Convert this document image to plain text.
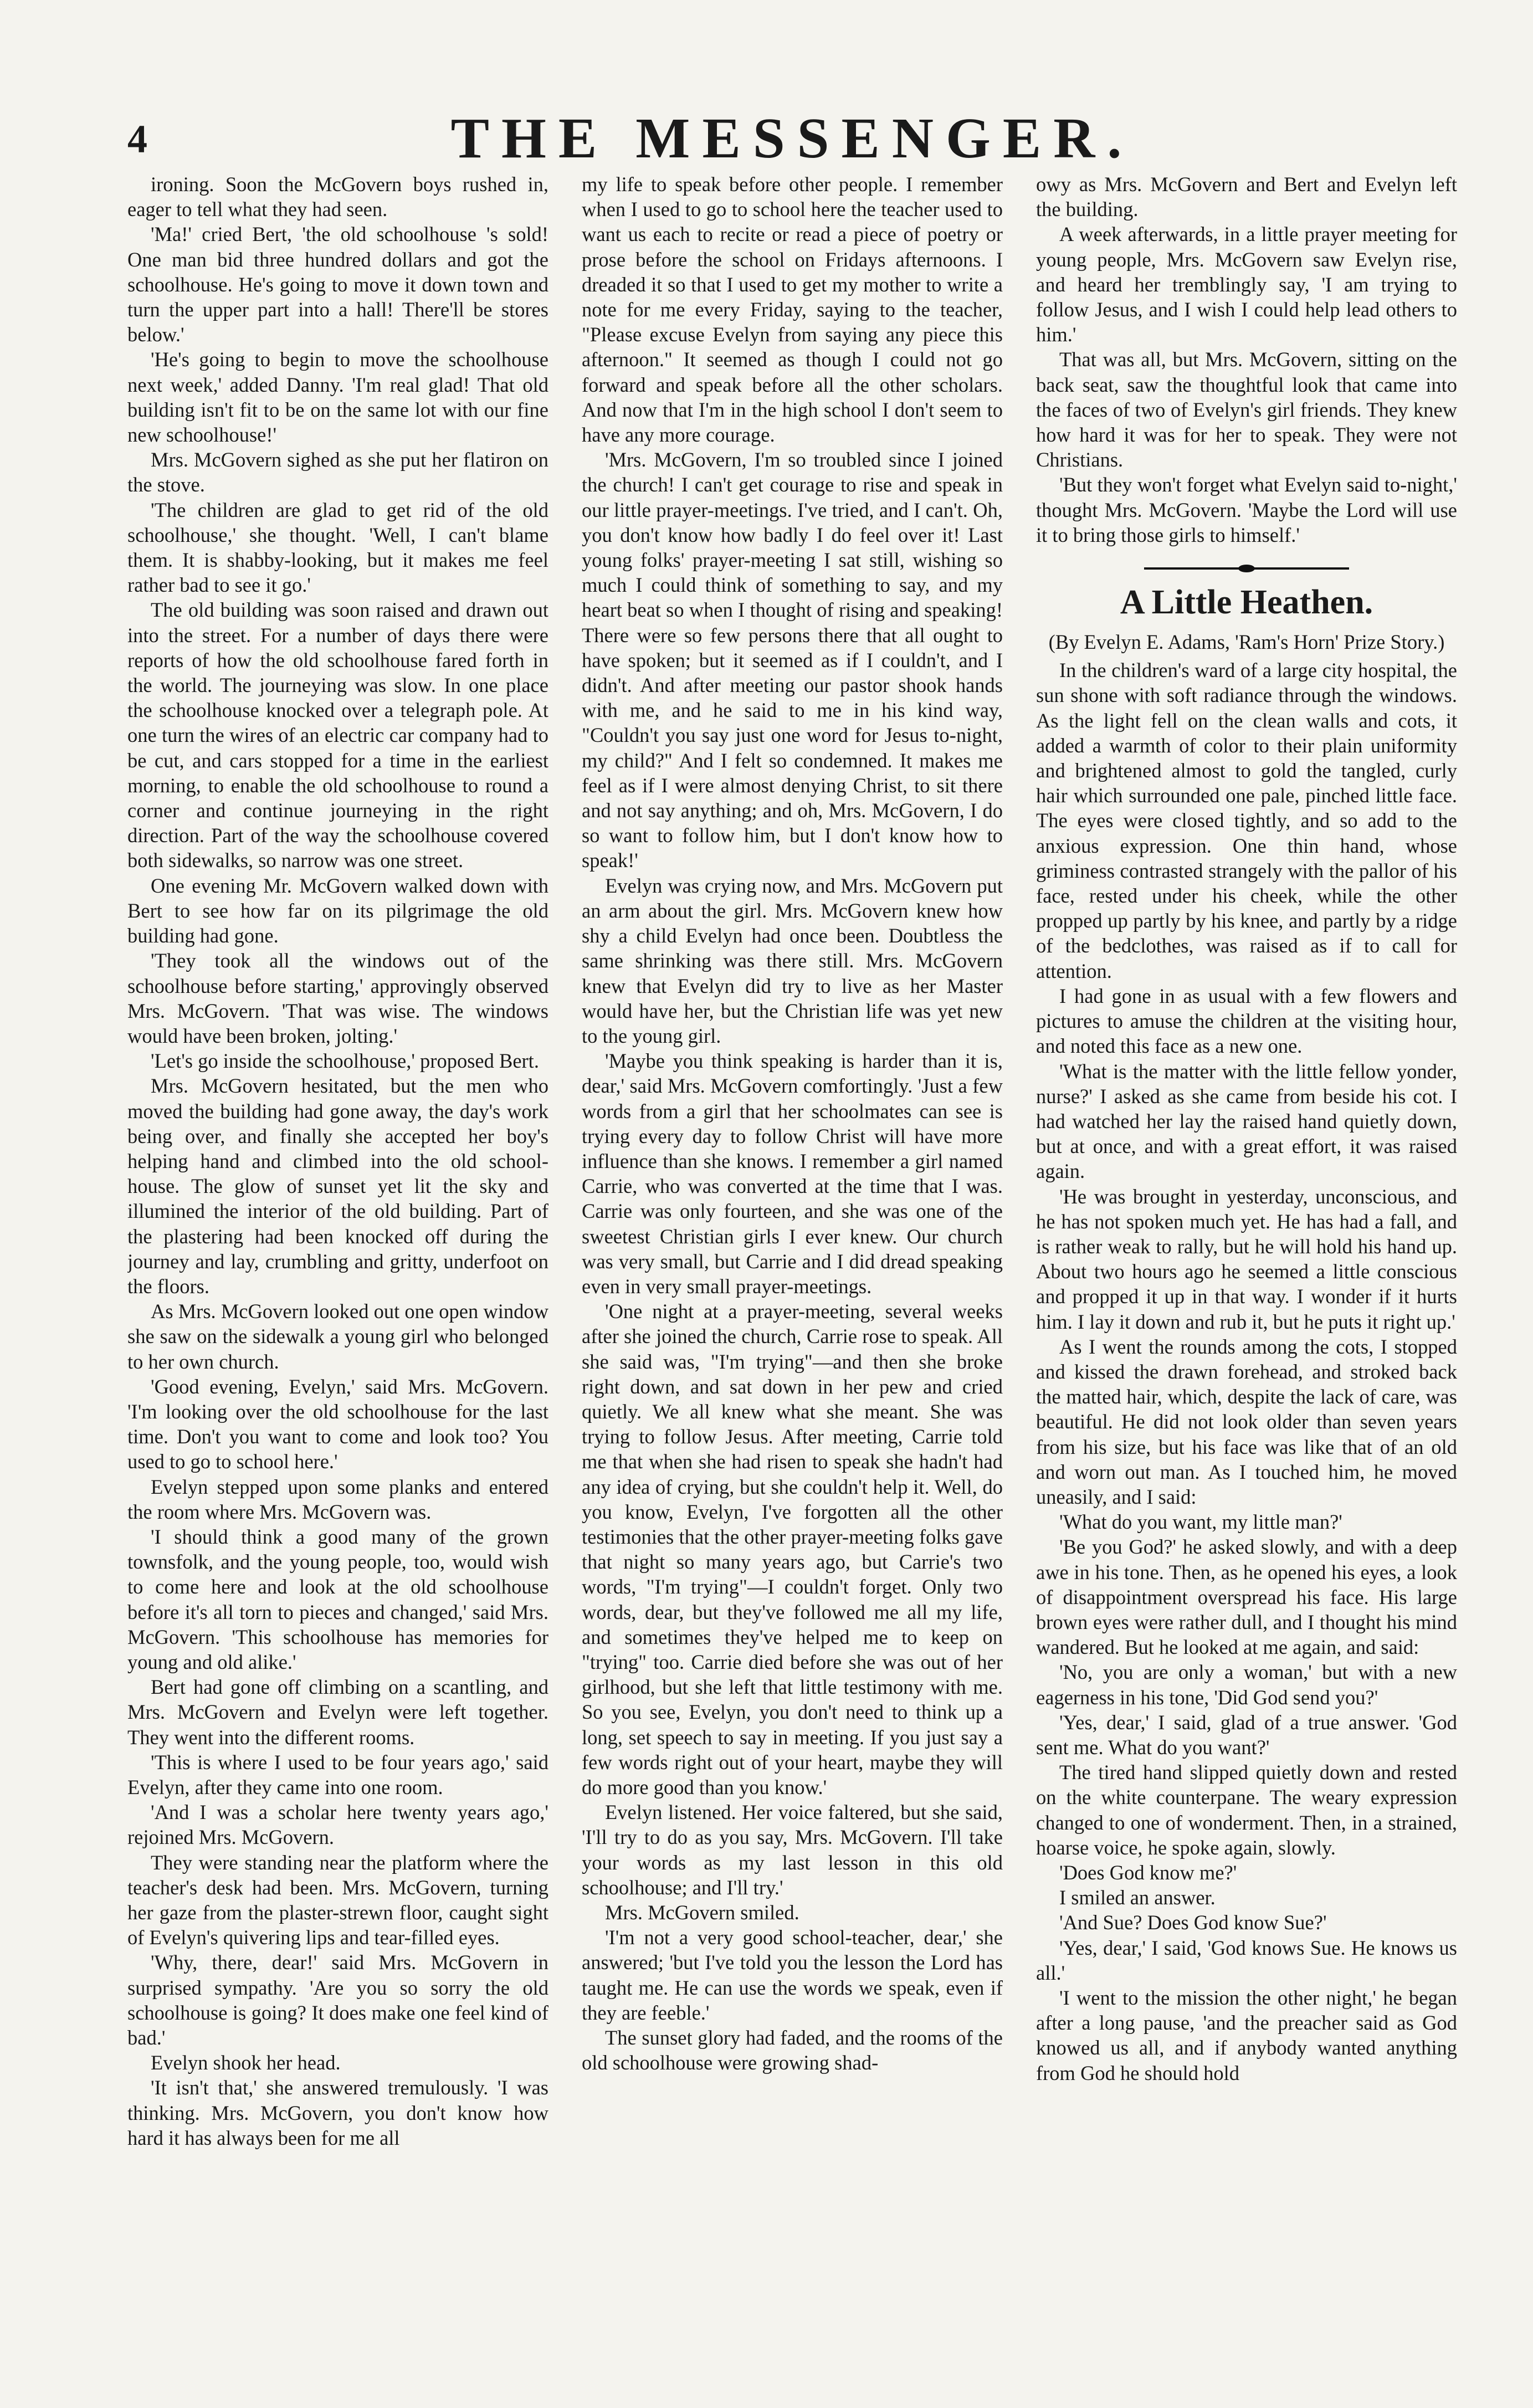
4	THE MESSENGER.

ironing. Soon the McGovern boys rushed in, eager to tell what they had seen.

'Ma!' cried Bert, 'the old schoolhouse 's sold! One man bid three hundred dollars and got the schoolhouse. He's going to move it down town and turn the upper part into a hall! There'll be stores below.'

'He's going to begin to move the schoolhouse next week,' added Danny. 'I'm real glad! That old building isn't fit to be on the same lot with our fine new schoolhouse!'

Mrs. McGovern sighed as she put her flatiron on the stove.

'The children are glad to get rid of the old schoolhouse,' she thought. 'Well, I can't blame them. It is shabby-looking, but it makes me feel rather bad to see it go.'

The old building was soon raised and drawn out into the street. For a number of days there were reports of how the old schoolhouse fared forth in the world. The journeying was slow. In one place the schoolhouse knocked over a telegraph pole. At one turn the wires of an electric car company had to be cut, and cars stopped for a time in the earliest morning, to enable the old schoolhouse to round a corner and continue journeying in the right direction. Part of the way the schoolhouse covered both sidewalks, so narrow was one street.

One evening Mr. McGovern walked down with Bert to see how far on its pilgrimage the old building had gone.

'They took all the windows out of the schoolhouse before starting,' approvingly observed Mrs. McGovern. 'That was wise. The windows would have been broken, jolting.'

'Let's go inside the schoolhouse,' proposed Bert.

Mrs. McGovern hesitated, but the men who moved the building had gone away, the day's work being over, and finally she accepted her boy's helping hand and climbed into the old school-house. The glow of sunset yet lit the sky and illumined the interior of the old building. Part of the plastering had been knocked off during the journey and lay, crumbling and gritty, underfoot on the floors.

As Mrs. McGovern looked out one open window she saw on the sidewalk a young girl who belonged to her own church.

'Good evening, Evelyn,' said Mrs. McGovern. 'I'm looking over the old schoolhouse for the last time. Don't you want to come and look too? You used to go to school here.'

Evelyn stepped upon some planks and entered the room where Mrs. McGovern was.

'I should think a good many of the grown townsfolk, and the young people, too, would wish to come here and look at the old schoolhouse before it's all torn to pieces and changed,' said Mrs. McGovern. 'This schoolhouse has memories for young and old alike.'

Bert had gone off climbing on a scantling, and Mrs. McGovern and Evelyn were left together. They went into the different rooms.

'This is where I used to be four years ago,' said Evelyn, after they came into one room.

'And I was a scholar here twenty years ago,' rejoined Mrs. McGovern.

They were standing near the platform where the teacher's desk had been. Mrs. McGovern, turning her gaze from the plaster-strewn floor, caught sight of Evelyn's quivering lips and tear-filled eyes.

'Why, there, dear!' said Mrs. McGovern in surprised sympathy. 'Are you so sorry the old schoolhouse is going? It does make one feel kind of bad.'

Evelyn shook her head.

'It isn't that,' she answered tremulously. 'I was thinking. Mrs. McGovern, you don't know how hard it has always been for me all

my life to speak before other people. I remember when I used to go to school here the teacher used to want us each to recite or read a piece of poetry or prose before the school on Fridays afternoons. I dreaded it so that I used to get my mother to write a note for me every Friday, saying to the teacher, "Please excuse Evelyn from saying any piece this afternoon." It seemed as though I could not go forward and speak before all the other scholars. And now that I'm in the high school I don't seem to have any more courage.

'Mrs. McGovern, I'm so troubled since I joined the church! I can't get courage to rise and speak in our little prayer-meetings. I've tried, and I can't. Oh, you don't know how badly I do feel over it! Last young folks' prayer-meeting I sat still, wishing so much I could think of something to say, and my heart beat so when I thought of rising and speaking! There were so few persons there that all ought to have spoken; but it seemed as if I couldn't, and I didn't. And after meeting our pastor shook hands with me, and he said to me in his kind way, "Couldn't you say just one word for Jesus to-night, my child?" And I felt so condemned. It makes me feel as if I were almost denying Christ, to sit there and not say anything; and oh, Mrs. McGovern, I do so want to follow him, but I don't know how to speak!'

Evelyn was crying now, and Mrs. McGovern put an arm about the girl. Mrs. McGovern knew how shy a child Evelyn had once been. Doubtless the same shrinking was there still. Mrs. McGovern knew that Evelyn did try to live as her Master would have her, but the Christian life was yet new to the young girl.

'Maybe you think speaking is harder than it is, dear,' said Mrs. McGovern comfortingly. 'Just a few words from a girl that her schoolmates can see is trying every day to follow Christ will have more influence than she knows. I remember a girl named Carrie, who was converted at the time that I was. Carrie was only fourteen, and she was one of the sweetest Christian girls I ever knew. Our church was very small, but Carrie and I did dread speaking even in very small prayer-meetings.

'One night at a prayer-meeting, several weeks after she joined the church, Carrie rose to speak. All she said was, "I'm trying"—and then she broke right down, and sat down in her pew and cried quietly. We all knew what she meant. She was trying to follow Jesus. After meeting, Carrie told me that when she had risen to speak she hadn't had any idea of crying, but she couldn't help it. Well, do you know, Evelyn, I've forgotten all the other testimonies that the other prayer-meeting folks gave that night so many years ago, but Carrie's two words, "I'm trying"—I couldn't forget. Only two words, dear, but they've followed me all my life, and sometimes they've helped me to keep on "trying" too. Carrie died before she was out of her girlhood, but she left that little testimony with me. So you see, Evelyn, you don't need to think up a long, set speech to say in meeting. If you just say a few words right out of your heart, maybe they will do more good than you know.'

Evelyn listened. Her voice faltered, but she said, 'I'll try to do as you say, Mrs. McGovern. I'll take your words as my last lesson in this old schoolhouse; and I'll try.'

Mrs. McGovern smiled.

'I'm not a very good school-teacher, dear,' she answered; 'but I've told you the lesson the Lord has taught me. He can use the words we speak, even if they are feeble.'

The sunset glory had faded, and the rooms of the old schoolhouse were growing shad-

owy as Mrs. McGovern and Bert and Evelyn left the building.

A week afterwards, in a little prayer meeting for young people, Mrs. McGovern saw Evelyn rise, and heard her tremblingly say, 'I am trying to follow Jesus, and I wish I could help lead others to him.'

That was all, but Mrs. McGovern, sitting on the back seat, saw the thoughtful look that came into the faces of two of Evelyn's girl friends. They knew how hard it was for her to speak. They were not Christians.

'But they won't forget what Evelyn said to-night,' thought Mrs. McGovern. 'Maybe the Lord will use it to bring those girls to himself.'

A Little Heathen.
(By Evelyn E. Adams, 'Ram's Horn' Prize Story.)

In the children's ward of a large city hospital, the sun shone with soft radiance through the windows. As the light fell on the clean walls and cots, it added a warmth of color to their plain uniformity and brightened almost to gold the tangled, curly hair which surrounded one pale, pinched little face. The eyes were closed tightly, and so add to the anxious expression. One thin hand, whose griminess contrasted strangely with the pallor of his face, rested under his cheek, while the other propped up partly by his knee, and partly by a ridge of the bedclothes, was raised as if to call for attention.

I had gone in as usual with a few flowers and pictures to amuse the children at the visiting hour, and noted this face as a new one.

'What is the matter with the little fellow yonder, nurse?' I asked as she came from beside his cot. I had watched her lay the raised hand quietly down, but at once, and with a great effort, it was raised again.

'He was brought in yesterday, unconscious, and he has not spoken much yet. He has had a fall, and is rather weak to rally, but he will hold his hand up. About two hours ago he seemed a little conscious and propped it up in that way. I wonder if it hurts him. I lay it down and rub it, but he puts it right up.'

As I went the rounds among the cots, I stopped and kissed the drawn forehead, and stroked back the matted hair, which, despite the lack of care, was beautiful. He did not look older than seven years from his size, but his face was like that of an old and worn out man. As I touched him, he moved uneasily, and I said:

'What do you want, my little man?'

'Be you God?' he asked slowly, and with a deep awe in his tone. Then, as he opened his eyes, a look of disappointment overspread his face. His large brown eyes were rather dull, and I thought his mind wandered. But he looked at me again, and said:

'No, you are only a woman,' but with a new eagerness in his tone, 'Did God send you?'

'Yes, dear,' I said, glad of a true answer. 'God sent me. What do you want?'

The tired hand slipped quietly down and rested on the white counterpane. The weary expression changed to one of wonderment. Then, in a strained, hoarse voice, he spoke again, slowly.

'Does God know me?'

I smiled an answer.

'And Sue? Does God know Sue?'

'Yes, dear,' I said, 'God knows Sue. He knows us all.'

'I went to the mission the other night,' he began after a long pause, 'and the preacher said as God knowed us all, and if anybody wanted anything from God he should hold
